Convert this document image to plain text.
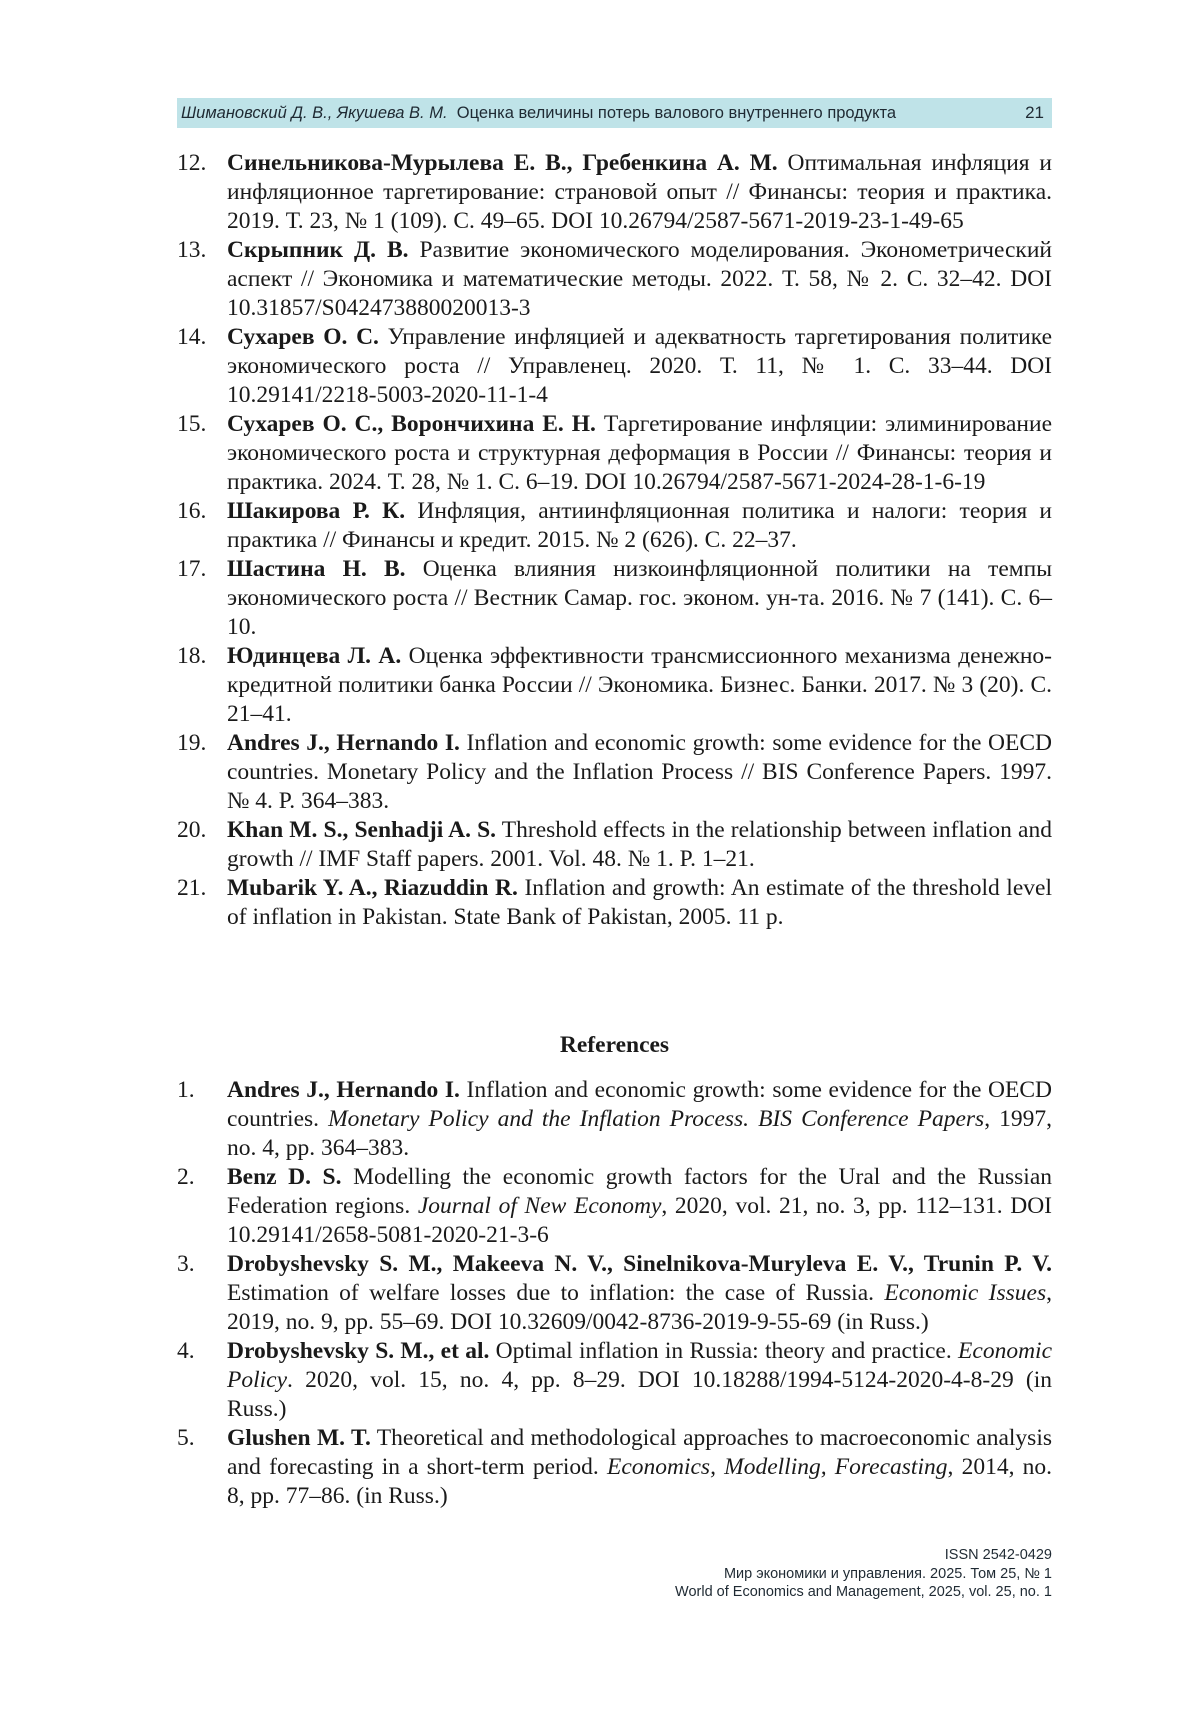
Шимановский Д. В., Якушева В. М. Оценка величины потерь валового внутреннего продукта	21
12. Синельникова-Мурылева Е. В., Гребенкина А. М. Оптимальная инфляция и инфляционное таргетирование: страновой опыт // Финансы: теория и практика. 2019. Т. 23, № 1 (109). С. 49–65. DOI 10.26794/2587-5671-2019-23-1-49-65
13. Скрыпник Д. В. Развитие экономического моделирования. Эконометрический аспект // Экономика и математические методы. 2022. Т. 58, № 2. С. 32–42. DOI 10.31857/S042473880020013-3
14. Сухарев О. С. Управление инфляцией и адекватность таргетирования политике экономического роста // Управленец. 2020. Т. 11, № 1. С. 33–44. DOI 10.29141/2218-5003-2020-11-1-4
15. Сухарев О. С., Ворончихина Е. Н. Таргетирование инфляции: элиминирование экономического роста и структурная деформация в России // Финансы: теория и практика. 2024. Т. 28, № 1. С. 6–19. DOI 10.26794/2587-5671-2024-28-1-6-19
16. Шакирова Р. К. Инфляция, антиинфляционная политика и налоги: теория и практика // Финансы и кредит. 2015. № 2 (626). С. 22–37.
17. Шастина Н. В. Оценка влияния низкоинфляционной политики на темпы экономического роста // Вестник Самар. гос. эконом. ун-та. 2016. № 7 (141). С. 6–10.
18. Юдинцева Л. А. Оценка эффективности трансмиссионного механизма денежно-кредитной политики банка России // Экономика. Бизнес. Банки. 2017. № 3 (20). С. 21–41.
19. Andres J., Hernando I. Inflation and economic growth: some evidence for the OECD countries. Monetary Policy and the Inflation Process // BIS Conference Papers. 1997. № 4. P. 364–383.
20. Khan M. S., Senhadji A. S. Threshold effects in the relationship between inflation and growth // IMF Staff papers. 2001. Vol. 48. № 1. P. 1–21.
21. Mubarik Y. A., Riazuddin R. Inflation and growth: An estimate of the threshold level of inflation in Pakistan. State Bank of Pakistan, 2005. 11 p.
References
1. Andres J., Hernando I. Inflation and economic growth: some evidence for the OECD countries. Monetary Policy and the Inflation Process. BIS Conference Papers, 1997, no. 4, pp. 364–383.
2. Benz D. S. Modelling the economic growth factors for the Ural and the Russian Federation regions. Journal of New Economy, 2020, vol. 21, no. 3, pp. 112–131. DOI 10.29141/2658-5081-2020-21-3-6
3. Drobyshevsky S. M., Makeeva N. V., Sinelnikova-Muryleva E. V., Trunin P. V. Estimation of welfare losses due to inflation: the case of Russia. Economic Issues, 2019, no. 9, pp. 55–69. DOI 10.32609/0042-8736-2019-9-55-69 (in Russ.)
4. Drobyshevsky S. M., et al. Optimal inflation in Russia: theory and practice. Economic Policy. 2020, vol. 15, no. 4, pp. 8–29. DOI 10.18288/1994-5124-2020-4-8-29 (in Russ.)
5. Glushen M. T. Theoretical and methodological approaches to macroeconomic analysis and forecasting in a short-term period. Economics, Modelling, Forecasting, 2014, no. 8, pp. 77–86. (in Russ.)
ISSN 2542-0429
Мир экономики и управления. 2025. Том 25, № 1
World of Economics and Management, 2025, vol. 25, no. 1
